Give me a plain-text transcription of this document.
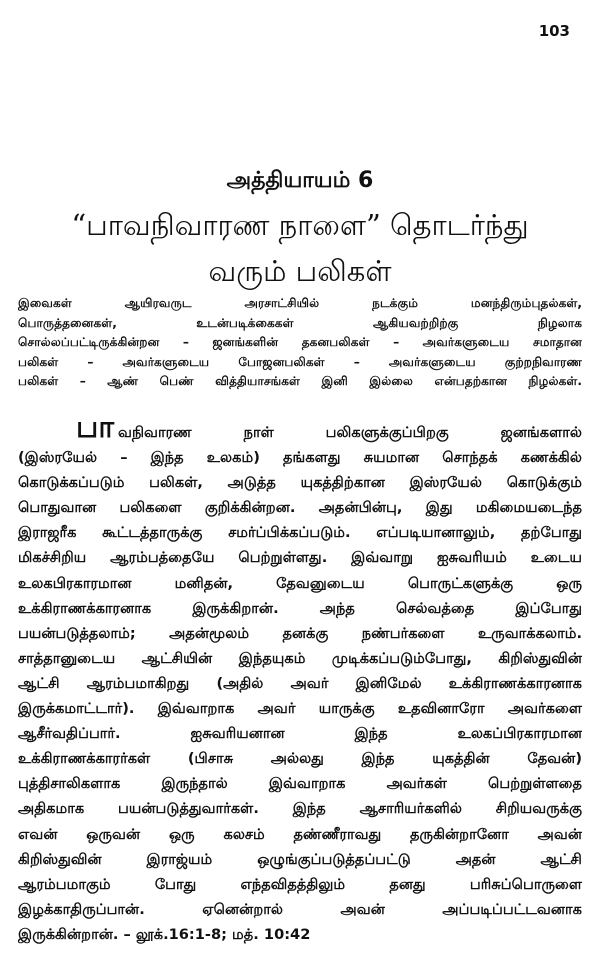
103
அத்தியாயம் 6
“பாவநிவாரண நாளை” தொடர்ந்து
வரும் பலிகள்
இவைகள் ஆயிரவருட அரசாட்சியில் நடக்கும் மனந்திரும்புதல்கள்,
பொருத்தனைகள், உடன்படிக்கைகள் ஆகியவற்றிற்கு நிழலாக
சொல்லப்பட்டிருக்கின்றன – ஜனங்களின் தகனபலிகள் – அவர்களுடைய சமாதான
பலிகள் – அவர்களுடைய போஜனபலிகள் – அவர்களுடைய குற்றநிவாரண
பலிகள் – ஆண் பெண் வித்தியாசங்கள் இனி இல்லை என்பதற்கான நிழல்கள்.
பாவநிவாரண நாள் பலிகளுக்குப்பிறகு ஜனங்களால்
(இஸ்ரயேல் – இந்த உலகம்) தங்களது சுயமான சொந்தக் கணக்கில்
கொடுக்கப்படும் பலிகள், அடுத்த யுகத்திற்கான இஸ்ரயேல் கொடுக்கும்
பொதுவான பலிகளை குறிக்கின்றன. அதன்பின்பு, இது மகிமையடைந்த
இராஜரீக கூட்டத்தாருக்கு சமர்ப்பிக்கப்படும். எப்படியானாலும், தற்போது
மிகச்சிறிய ஆரம்பத்தையே பெற்றுள்ளது. இவ்வாறு ஐசுவரியம் உடைய
உலகபிரகாரமான மனிதன், தேவனுடைய பொருட்களுக்கு ஒரு
உக்கிராணக்காரனாக இருக்கிறான். அந்த செல்வத்தை இப்போது
பயன்படுத்தலாம்; அதன்மூலம் தனக்கு நண்பர்களை உருவாக்கலாம்.
சாத்தானுடைய ஆட்சியின் இந்தயுகம் முடிக்கப்படும்போது, கிறிஸ்துவின்
ஆட்சி ஆரம்பமாகிறது (அதில் அவர் இனிமேல் உக்கிராணக்காரனாக
இருக்கமாட்டார்). இவ்வாறாக அவர் யாருக்கு உதவினாரோ அவர்களை
ஆசீர்வதிப்பார். ஐசுவரியனான இந்த உலகப்பிரகாரமான
உக்கிராணக்காரர்கள் (பிசாசு அல்லது இந்த யுகத்தின் தேவன்)
புத்திசாலிகளாக இருந்தால் இவ்வாறாக அவர்கள் பெற்றுள்ளதை
அதிகமாக பயன்படுத்துவார்கள். இந்த ஆசாரியர்களில் சிறியவருக்கு
எவன் ஒருவன் ஒரு கலசம் தண்ணீராவது தருகின்றானோ அவன்
கிறிஸ்துவின் இராஜ்யம் ஒழுங்குப்படுத்தப்பட்டு அதன் ஆட்சி
ஆரம்பமாகும் போது எந்தவிதத்திலும் தனது பரிசுப்பொருளை
இழக்காதிருப்பான். ஏனென்றால் அவன் அப்படிப்பட்டவனாக
இருக்கின்றான். – லூக்.16:1-8; மத். 10:42
